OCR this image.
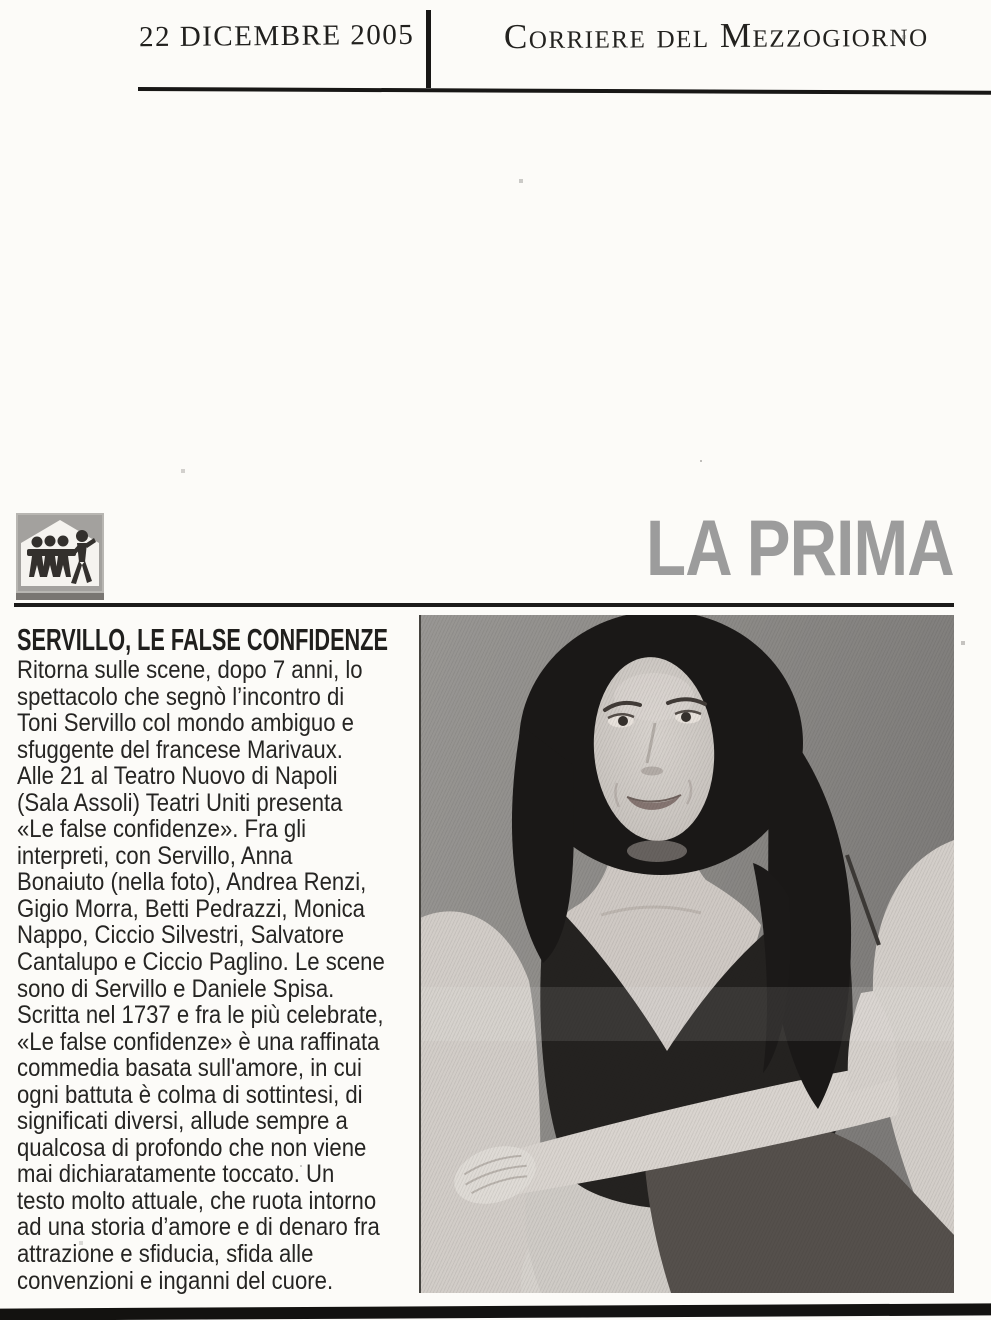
22 DICEMBRE 2005	Corriere del Mezzogiorno
LA PRIMA
SERVILLO, LE FALSE CONFIDENZE
Ritorna sulle scene, dopo 7 anni, lo
spettacolo che segnò l’incontro di
Toni Servillo col mondo ambiguo e
sfuggente del francese Marivaux.
Alle 21 al Teatro Nuovo di Napoli
(Sala Assoli) Teatri Uniti presenta
«Le false confidenze». Fra gli
interpreti, con Servillo, Anna
Bonaiuto (nella foto), Andrea Renzi,
Gigio Morra, Betti Pedrazzi, Monica
Nappo, Ciccio Silvestri, Salvatore
Cantalupo e Ciccio Paglino. Le scene
sono di Servillo e Daniele Spisa.
Scritta nel 1737 e fra le più celebrate,
«Le false confidenze» è una raffinata
commedia basata sull'amore, in cui
ogni battuta è colma di sottintesi, di
significati diversi, allude sempre a
qualcosa di profondo che non viene
mai dichiaratamente toccato. Un
testo molto attuale, che ruota intorno
ad una storia d’amore e di denaro fra
attrazione e sfiducia, sfida alle
convenzioni e inganni del cuore.
